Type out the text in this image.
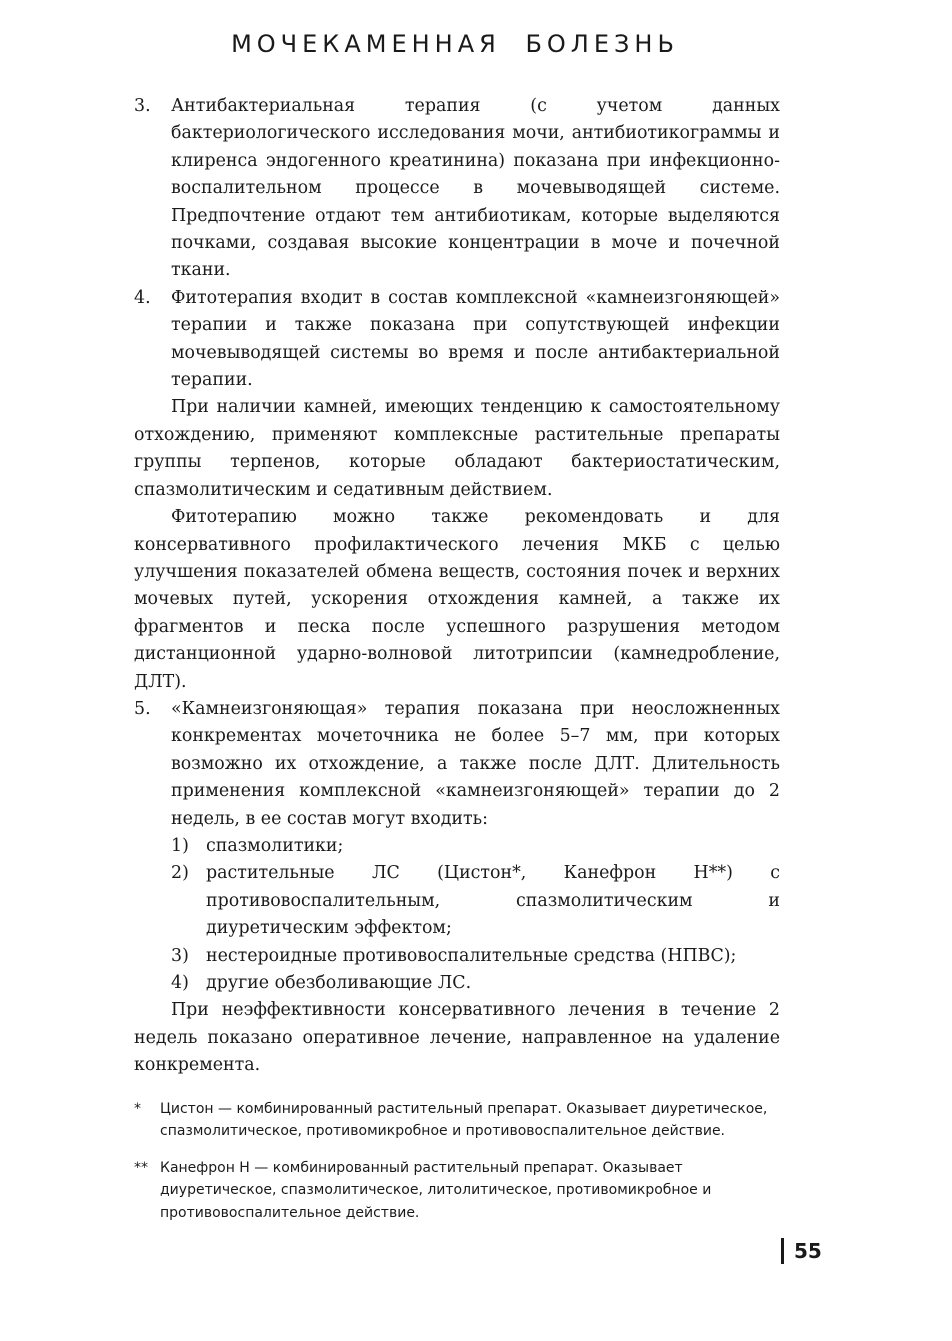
МОЧЕКАМЕННАЯ БОЛЕЗНЬ

3. Антибактериальная терапия (с учетом данных бактериологического исследования мочи, антибиотикограммы и клиренса эндогенного креатинина) показана при инфекционно-воспалительном процессе в мочевыводящей системе. Предпочтение отдают тем антибиотикам, которые выделяются почками, создавая высокие концентрации в моче и почечной ткани.

4. Фитотерапия входит в состав комплексной «камнеизгоняющей» терапии и также показана при сопутствующей инфекции мочевыводящей системы во время и после антибактериальной терапии.

При наличии камней, имеющих тенденцию к самостоятельному отхождению, применяют комплексные растительные препараты группы терпенов, которые обладают бактериостатическим, спазмолитическим и седативным действием.

Фитотерапию можно также рекомендовать и для консервативного профилактического лечения МКБ с целью улучшения показателей обмена веществ, состояния почек и верхних мочевых путей, ускорения отхождения камней, а также их фрагментов и песка после успешного разрушения методом дистанционной ударно-волновой литотрипсии (камнедробление, ДЛТ).

5. «Камнеизгоняющая» терапия показана при неосложненных конкрементах мочеточника не более 5–7 мм, при которых возможно их отхождение, а также после ДЛТ. Длительность применения комплексной «камнеизгоняющей» терапии до 2 недель, в ее состав могут входить:

1) спазмолитики;

2) растительные ЛС (Цистон*, Канефрон Н**) с противовоспалительным, спазмолитическим и диуретическим эффектом;

3) нестероидные противовоспалительные средства (НПВС);

4) другие обезболивающие ЛС.

При неэффективности консервативного лечения в течение 2 недель показано оперативное лечение, направленное на удаление конкремента.

* Цистон — комбинированный растительный препарат. Оказывает диуретическое, спазмолитическое, противомикробное и противовоспалительное действие.

** Канефрон Н — комбинированный растительный препарат. Оказывает диуретическое, спазмолитическое, литолитическое, противомикробное и противовоспалительное действие.

55
